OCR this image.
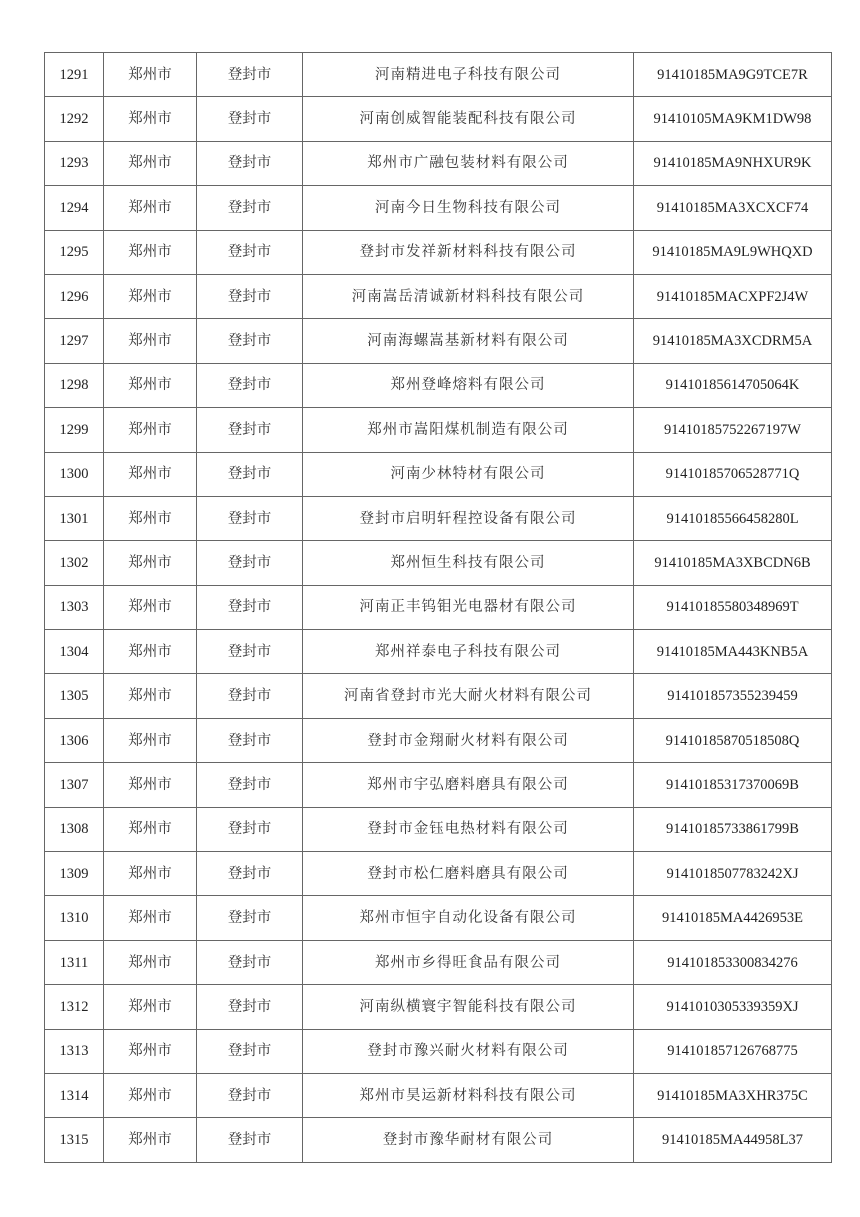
1291	郑州市	登封市	河南精进电子科技有限公司	91410185MA9G9TCE7R
1292	郑州市	登封市	河南创威智能装配科技有限公司	91410105MA9KM1DW98
1293	郑州市	登封市	郑州市广融包装材料有限公司	91410185MA9NHXUR9K
1294	郑州市	登封市	河南今日生物科技有限公司	91410185MA3XCXCF74
1295	郑州市	登封市	登封市发祥新材料科技有限公司	91410185MA9L9WHQXD
1296	郑州市	登封市	河南嵩岳清诚新材料科技有限公司	91410185MACXPF2J4W
1297	郑州市	登封市	河南海螺嵩基新材料有限公司	91410185MA3XCDRM5A
1298	郑州市	登封市	郑州登峰熔料有限公司	91410185614705064K
1299	郑州市	登封市	郑州市嵩阳煤机制造有限公司	91410185752267197W
1300	郑州市	登封市	河南少林特材有限公司	91410185706528771Q
1301	郑州市	登封市	登封市启明轩程控设备有限公司	91410185566458280L
1302	郑州市	登封市	郑州恒生科技有限公司	91410185MA3XBCDN6B
1303	郑州市	登封市	河南正丰钨钼光电器材有限公司	91410185580348969T
1304	郑州市	登封市	郑州祥泰电子科技有限公司	91410185MA443KNB5A
1305	郑州市	登封市	河南省登封市光大耐火材料有限公司	914101857355239459
1306	郑州市	登封市	登封市金翔耐火材料有限公司	91410185870518508Q
1307	郑州市	登封市	郑州市宇弘磨料磨具有限公司	91410185317370069B
1308	郑州市	登封市	登封市金钰电热材料有限公司	91410185733861799B
1309	郑州市	登封市	登封市松仁磨料磨具有限公司	9141018507783242XJ
1310	郑州市	登封市	郑州市恒宇自动化设备有限公司	91410185MA4426953E
1311	郑州市	登封市	郑州市乡得旺食品有限公司	914101853300834276
1312	郑州市	登封市	河南纵横寰宇智能科技有限公司	9141010305339359XJ
1313	郑州市	登封市	登封市豫兴耐火材料有限公司	914101857126768775
1314	郑州市	登封市	郑州市昊运新材料科技有限公司	91410185MA3XHR375C
1315	郑州市	登封市	登封市豫华耐材有限公司	91410185MA44958L37
